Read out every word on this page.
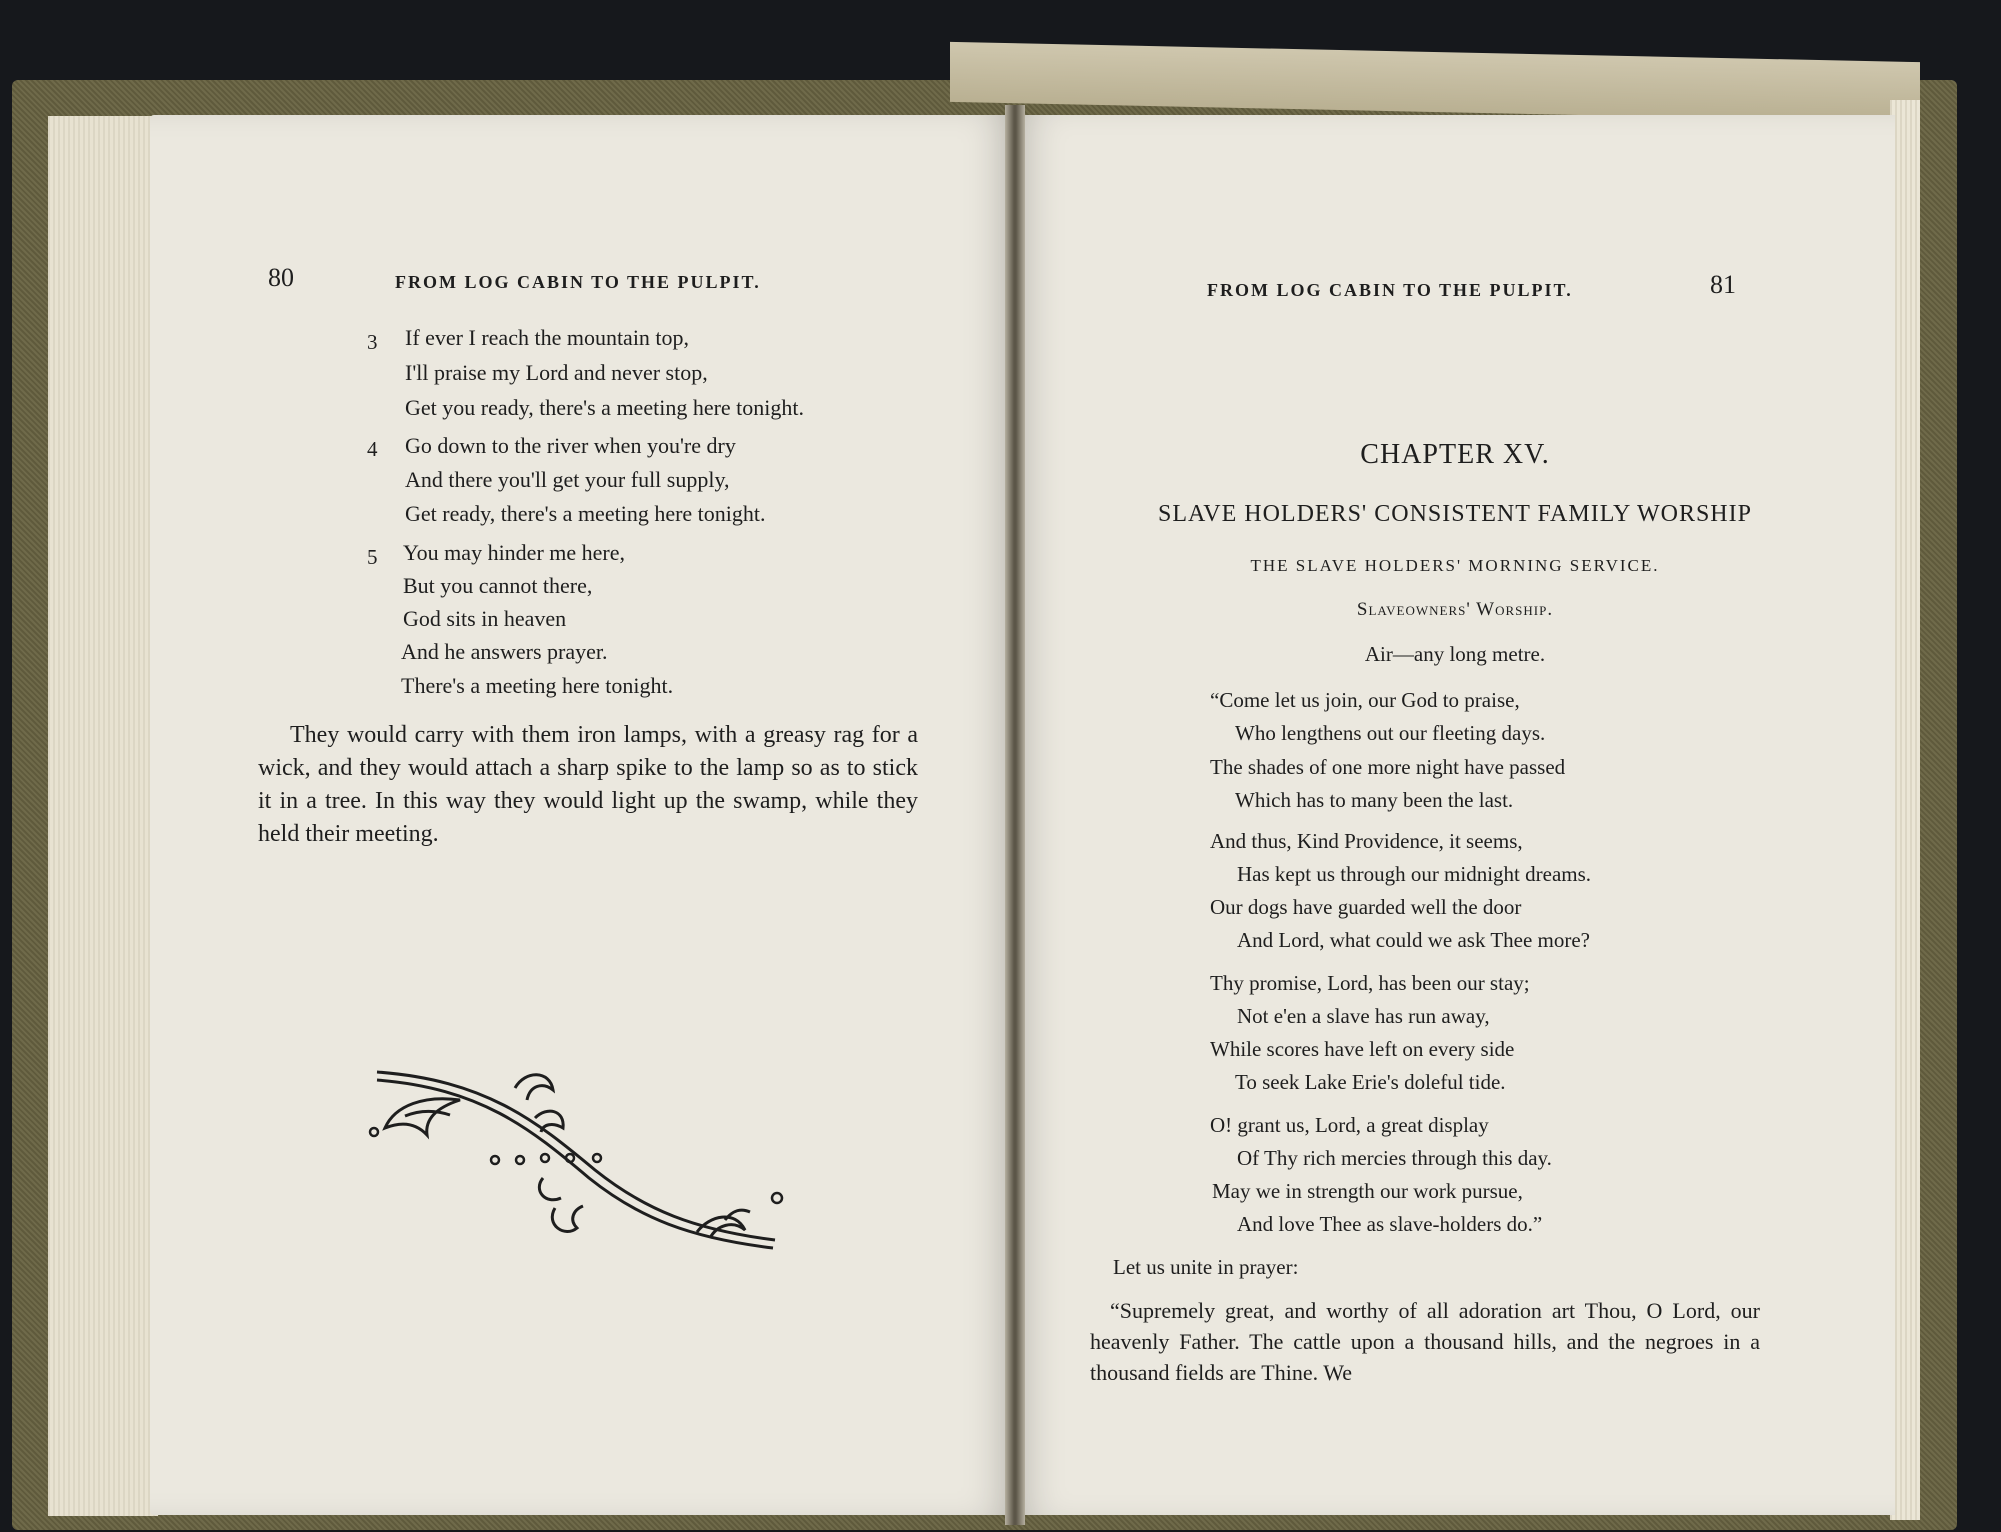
80	FROM LOG CABIN TO THE PULPIT.
3 If ever I reach the mountain top,
I'll praise my Lord and never stop,
Get you ready, there's a meeting here tonight.
4 Go down to the river when you're dry
And there you'll get your full supply,
Get ready, there's a meeting here tonight.
5 You may hinder me here,
But you cannot there,
God sits in heaven
And he answers prayer.
There's a meeting here tonight.
They would carry with them iron lamps, with a greasy rag for a wick, and they would attach a sharp spike to the lamp so as to stick it in a tree. In this way they would light up the swamp, while they held their meeting.
FROM LOG CABIN TO THE PULPIT.	81
CHAPTER XV.
SLAVE HOLDERS' CONSISTENT FAMILY WORSHIP
THE SLAVE HOLDERS' MORNING SERVICE.
Slaveowners' Worship.
Air—any long metre.
“Come let us join, our God to praise,
Who lengthens out our fleeting days.
The shades of one more night have passed
Which has to many been the last.
And thus, Kind Providence, it seems,
Has kept us through our midnight dreams.
Our dogs have guarded well the door
And Lord, what could we ask Thee more?
Thy promise, Lord, has been our stay;
Not e'en a slave has run away,
While scores have left on every side
To seek Lake Erie's doleful tide.
O! grant us, Lord, a great display
Of Thy rich mercies through this day.
May we in strength our work pursue,
And love Thee as slave-holders do.”
Let us unite in prayer:
“Supremely great, and worthy of all adoration art Thou, O Lord, our heavenly Father. The cattle upon a thousand hills, and the negroes in a thousand fields are Thine. We
